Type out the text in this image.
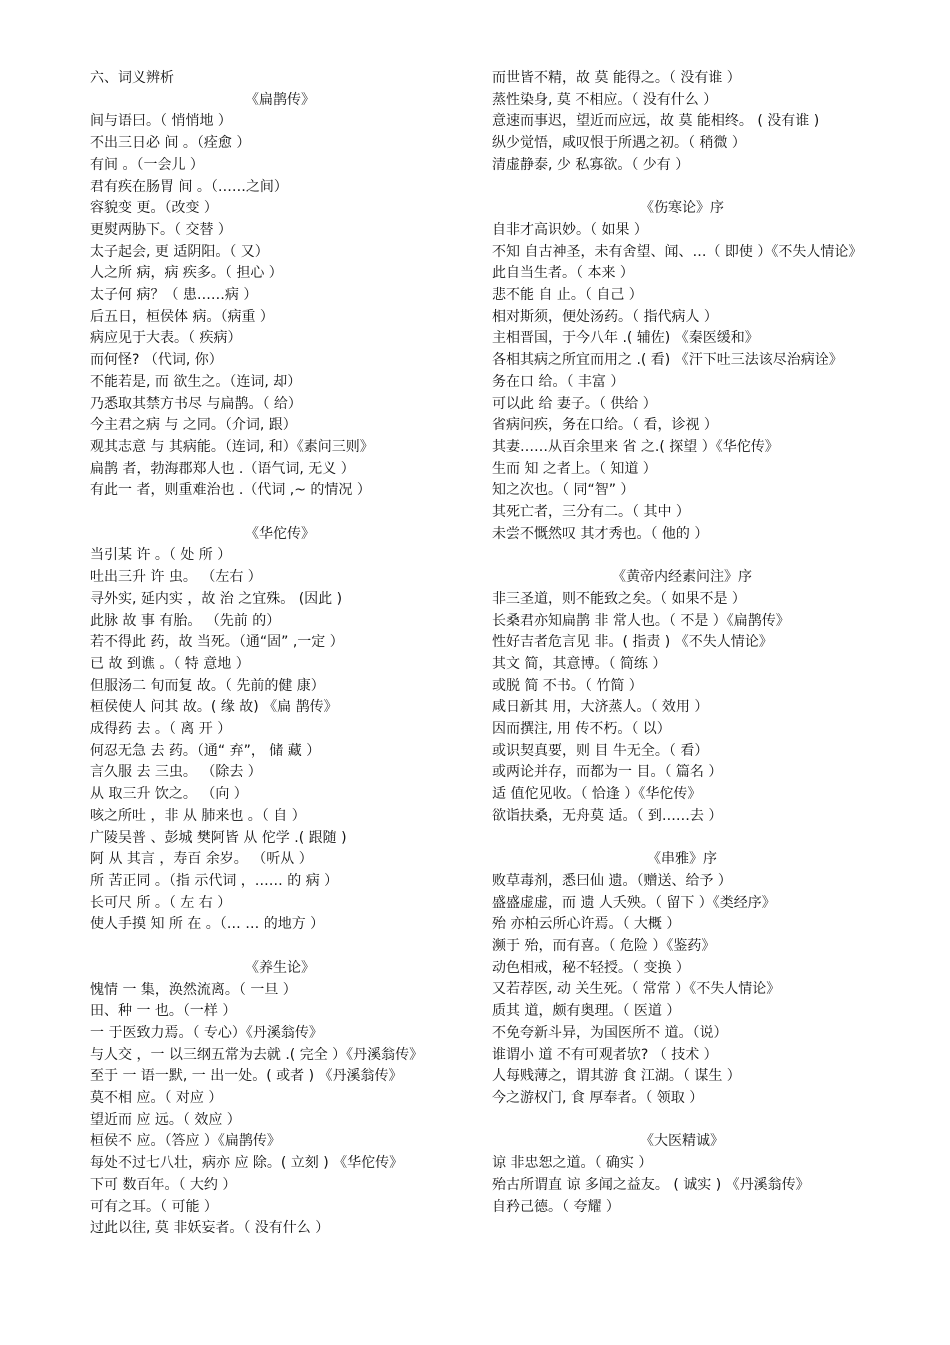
六、词义辨析

《扁鹊传》

间与语曰。（ 悄悄地 ）

不出三日必 间 。（痊愈 ）

有间 。（一会儿 ）

君有疾在肠胃 间 。（……之间）

容貌变 更。（改变 ）

更熨两胁下。（ 交替 ）

太子起会, 更 适阴阳。（ 又）

人之所 病，病 疾多。（ 担心 ）

太子何 病？（ 患……病 ）

后五日，桓侯体 病。（病重 ）

病应见于大表。（ 疾病）

而何怪? （代词, 你）

不能若是, 而 欲生之。（连词, 却）

乃悉取其禁方书尽 与扁鹊。（ 给）

今主君之病 与 之同。（介词, 跟）

观其志意 与 其病能。（连词, 和）《素问三则》

扁鹊 者，勃海郡郑人也 .（语气词, 无义 ）

有此一 者，则重难治也 .（代词 ,~ 的情况 ）

《华佗传》

当引某 许 。（ 处 所 ）

吐出三升 许 虫。 （左右 ）

寻外实, 延内实 ，故 治 之宜殊。 (因此 )

此脉 故 事 有胎。 （先前 的）

若不得此 药，故 当死。（通“固” ,一定 ）

已 故 到谯 。（ 特 意地 ）

但服汤二 旬而复 故。（ 先前的健 康）

桓侯使人 问其 故。( 缘 故) 《扁 鹊传》

成得药 去 。（ 离 开 ）

何忍无急 去 药。（通“ 弃”， 储 藏 ）

言久服 去 三虫。 （除去 ）

从 取三升 饮之。 （向 ）

咳之所吐 ，非 从 肺来也 。（ 自 ）

广陵吴普 、彭城 樊阿皆 从 佗学 .( 跟随 )

阿 从 其言 ，寿百 余岁。 （听从 ）

所 苦正同 。（指 示代词 ，…… 的 病 ）

长可尺 所 。（ 左 右 ）

使人手摸 知 所 在 。（… … 的地方 ）

《养生论》

愧情 一 集，涣然流离。（ 一旦 ）

田、种 一 也。（一样 ）

一 于医致力焉。（ 专心）《丹溪翁传》

与人交 ，一 以三纲五常为去就 .( 完全 ）《丹溪翁传》

至于 一 语一默, 一 出一处。( 或者 ) 《丹溪翁传》

莫不相 应。（ 对应 ）

望近而 应 远。（ 效应 ）

桓侯不 应。（答应 ）《扁鹊传》

每处不过七八壮，病亦 应 除。( 立刻 ) 《华佗传》

下可 数百年。（ 大约 ）

可有之耳。（ 可能 ）

过此以往, 莫 非妖妄者。（ 没有什么 ）

而世皆不精，故 莫 能得之。（ 没有谁 ）

蒸性染身, 莫 不相应。（ 没有什么 ）

意速而事迟，望近而应远，故 莫 能相终。 ( 没有谁 )

纵少觉悟，咸叹恨于所遇之初。（ 稍微 ）

清虚静泰, 少 私寡欲。（ 少有 ）

《伤寒论》序

自非才高识妙。（ 如果 ）

不知 自古神圣，未有舍望、闻、…（ 即使 ）《不失人情论》

此自当生者。（ 本来 ）

悲不能 自 止。（ 自己 ）

相对斯须，便处汤药。（ 指代病人 ）

主相晋国，于今八年 .( 辅佐) 《秦医缓和》

各相其病之所宜而用之 .( 看) 《汗下吐三法该尽治病诠》

务在口 给。（ 丰富 ）

可以此 给 妻子。（ 供给 ）

省病问疾，务在口给。（ 看，诊视 ）

其妻……从百余里来 省 之.( 探望 ）《华佗传》

生而 知 之者上。（ 知道 ）

知之次也。（ 同“智” ）

其死亡者，三分有二。（ 其中 ）

未尝不慨然叹 其才秀也。（ 他的 ）

《黄帝内经素问注》序

非三圣道，则不能致之矣。（ 如果不是 ）

长桑君亦知扁鹊 非 常人也。（ 不是 ）《扁鹊传》

性好吉者危言见 非。( 指责 ) 《不失人情论》

其文 简，其意博。（ 简练 ）

或脱 简 不书。（ 竹简 ）

咸日新其 用，大济蒸人。（ 效用 ）

因而撰注, 用 传不朽。（ 以）

或识契真要，则 目 牛无全。（ 看）

或两论并存，而都为一 目。（ 篇名 ）

适 值佗见收。（ 恰逢 ）《华佗传》

欲诣扶桑，无舟莫 适。（ 到……去 ）

《串雅》序

败草毒剂，悉曰仙 遗。（赠送、给予 ）

盛盛虚虚，而 遗 人夭殃。（ 留下 ）《类经序》

殆 亦柏云所心许焉。（ 大概 ）

濒于 殆，而有喜。（ 危险 ）《鉴药》

动色相戒，秘不轻授。（ 变换 ）

又若荐医, 动 关生死。（ 常常 ）《不失人情论》

质其 道，颇有奥理。（ 医道 ）

不免夸新斗异，为国医所不 道。（说）

谁谓小 道 不有可观者欤? （ 技术 ）

人每贱薄之，谓其游 食 江湖。（ 谋生 ）

今之游权门, 食 厚奉者。（ 领取 ）

《大医精诚》

谅 非忠恕之道。（ 确实 ）

殆古所谓直 谅 多闻之益友。 ( 诚实 ) 《丹溪翁传》

自矜己德。（ 夸耀 ）
